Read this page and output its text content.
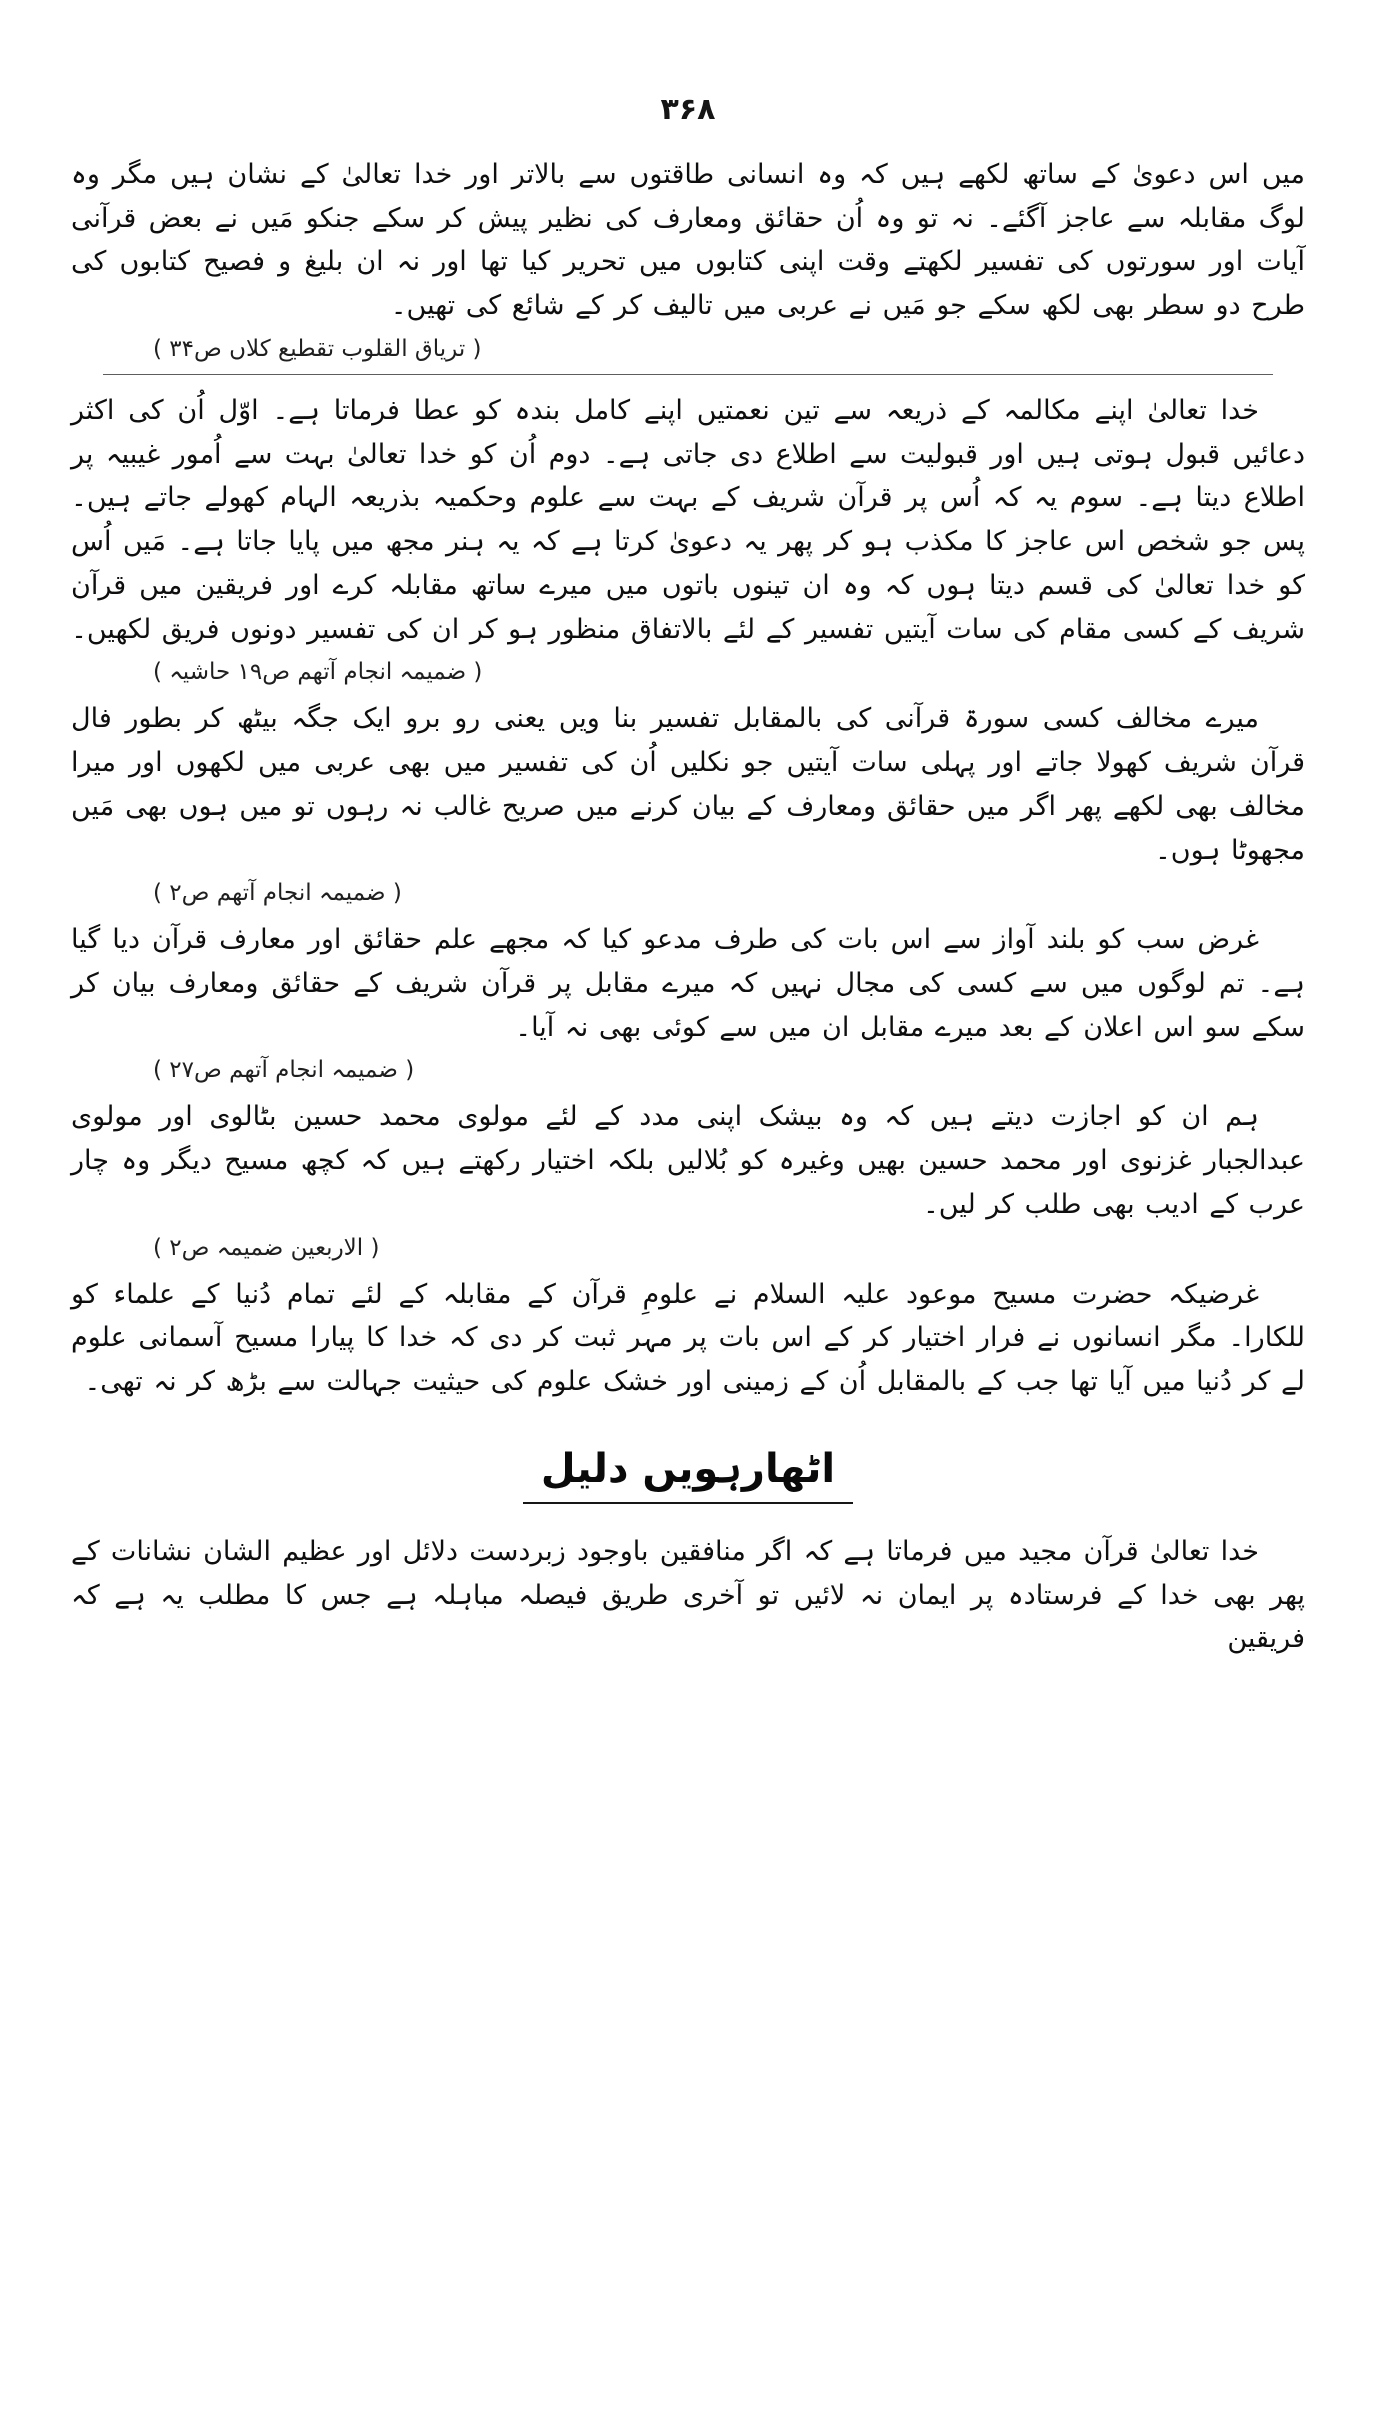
۳۶۸

میں اس دعویٰ کے ساتھ لکھے ہیں کہ وہ انسانی طاقتوں سے بالاتر اور خدا تعالیٰ کے نشان ہیں مگر وہ لوگ مقابلہ سے عاجز آگئے۔ نہ تو وہ اُن حقائق ومعارف کی نظیر پیش کر سکے جنکو مَیں نے بعض قرآنی آیات اور سورتوں کی تفسیر لکھتے وقت اپنی کتابوں میں تحریر کیا تھا اور نہ ان بلیغ و فصیح کتابوں کی طرح دو سطر بھی لکھ سکے جو مَیں نے عربی میں تالیف کر کے شائع کی تھیں۔

( تریاق القلوب تقطیع کلاں ص۳۴ )

خدا تعالیٰ اپنے مکالمہ کے ذریعہ سے تین نعمتیں اپنے کامل بندہ کو عطا فرماتا ہے۔ اوّل اُن کی اکثر دعائیں قبول ہوتی ہیں اور قبولیت سے اطلاع دی جاتی ہے۔ دوم اُن کو خدا تعالیٰ بہت سے اُمور غیبیہ پر اطلاع دیتا ہے۔ سوم یہ کہ اُس پر قرآن شریف کے بہت سے علوم وحکمیہ بذریعہ الہام کھولے جاتے ہیں۔ پس جو شخص اس عاجز کا مکذب ہو کر پھر یہ دعویٰ کرتا ہے کہ یہ ہنر مجھ میں پایا جاتا ہے۔ مَیں اُس کو خدا تعالیٰ کی قسم دیتا ہوں کہ وہ ان تینوں باتوں میں میرے ساتھ مقابلہ کرے اور فریقین میں قرآن شریف کے کسی مقام کی سات آیتیں تفسیر کے لئے بالاتفاق منظور ہو کر ان کی تفسیر دونوں فریق لکھیں۔

( ضمیمہ انجام آتھم ص۱۹ حاشیہ )

میرے مخالف کسی سورۃ قرآنی کی بالمقابل تفسیر بنا ویں یعنی رو برو ایک جگہ بیٹھ کر بطور فال قرآن شریف کھولا جاتے اور پہلی سات آیتیں جو نکلیں اُن کی تفسیر میں بھی عربی میں لکھوں اور میرا مخالف بھی لکھے پھر اگر میں حقائق ومعارف کے بیان کرنے میں صریح غالب نہ رہوں تو میں ہوں بھی مَیں مجھوٹا ہوں۔

( ضمیمہ انجام آتھم ص۲ )

غرض سب کو بلند آواز سے اس بات کی طرف مدعو کیا کہ مجھے علم حقائق اور معارف قرآن دیا گیا ہے۔ تم لوگوں میں سے کسی کی مجال نہیں کہ میرے مقابل پر قرآن شریف کے حقائق ومعارف بیان کر سکے سو اس اعلان کے بعد میرے مقابل ان میں سے کوئی بھی نہ آیا۔

( ضمیمہ انجام آتھم ص۲۷ )

ہم ان کو اجازت دیتے ہیں کہ وہ بیشک اپنی مدد کے لئے مولوی محمد حسین بٹالوی اور مولوی عبدالجبار غزنوی اور محمد حسین بھیں وغیرہ کو بُلالیں بلکہ اختیار رکھتے ہیں کہ کچھ مسیح دیگر وہ چار عرب کے ادیب بھی طلب کر لیں۔

( الاربعین ضمیمہ ص۲ )

غرضیکہ حضرت مسیح موعود علیہ السلام نے علومِ قرآن کے مقابلہ کے لئے تمام دُنیا کے علماء کو للکارا۔ مگر انسانوں نے فرار اختیار کر کے اس بات پر مہر ثبت کر دی کہ خدا کا پیارا مسیح آسمانی علوم لے کر دُنیا میں آیا تھا جب کے بالمقابل اُن کے زمینی اور خشک علوم کی حیثیت جہالت سے بڑھ کر نہ تھی۔

اٹھارہویں دلیل

خدا تعالیٰ قرآن مجید میں فرماتا ہے کہ اگر منافقین باوجود زبردست دلائل اور عظیم الشان نشانات کے پھر بھی خدا کے فرستادہ پر ایمان نہ لائیں تو آخری طریق فیصلہ مباہلہ ہے جس کا مطلب یہ ہے کہ فریقین
